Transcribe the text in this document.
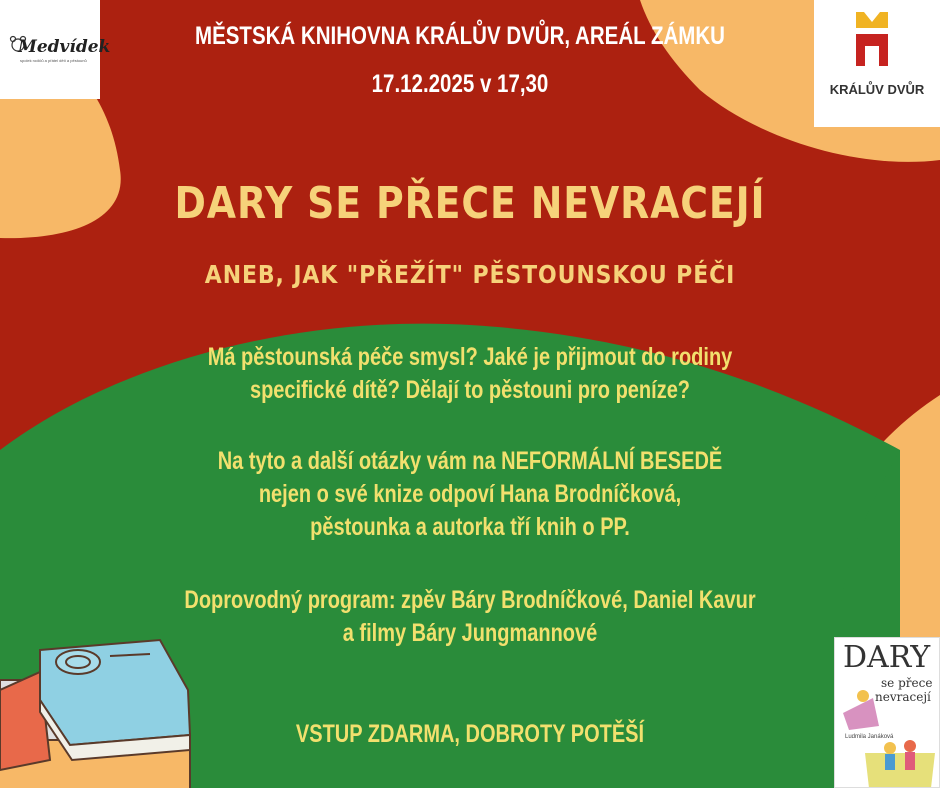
Medvídek
spolek rodičů a přátel dětí a pěstounů
KRÁLŮV DVŮR
MĚSTSKÁ KNIHOVNA KRÁLŮV DVŮR, AREÁL ZÁMKU
17.12.2025 v 17,30
DARY SE PŘECE NEVRACEJÍ
ANEB, JAK "PŘEŽÍT" PĚSTOUNSKOU PÉČI
Má pěstounská péče smysl? Jaké je přijmout do rodiny
specifické dítě? Dělají to pěstouni pro peníze?
Na tyto a další otázky vám na NEFORMÁLNÍ BESEDĚ
nejen o své knize odpoví Hana Brodníčková,
pěstounka a autorka tří knih o PP.
Doprovodný program: zpěv Báry Brodníčkové, Daniel Kavur
a filmy Báry Jungmannové
VSTUP ZDARMA, DOBROTY POTĚŠÍ
DARY
se přece
nevracejí
Ludmila Janáková
